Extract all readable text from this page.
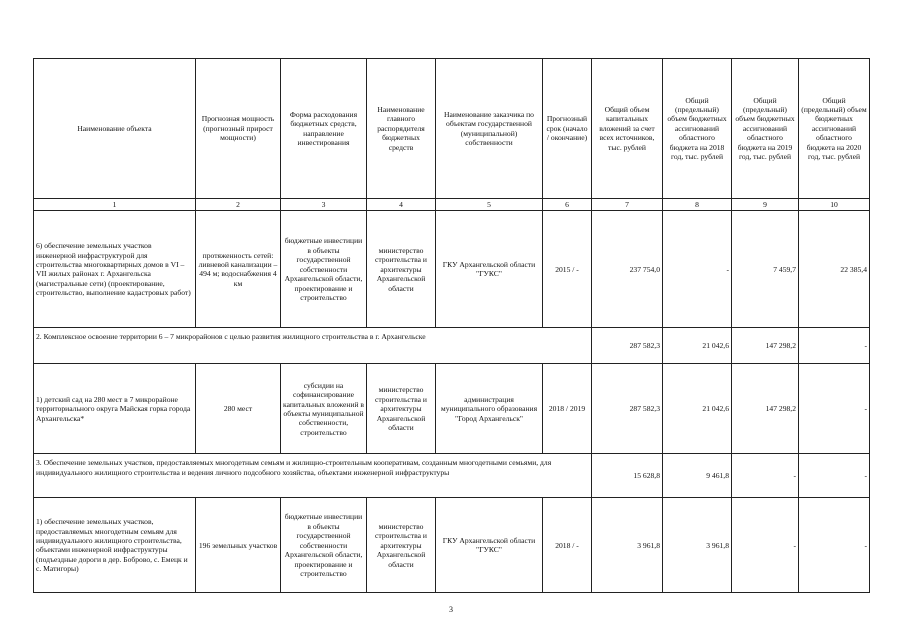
Наименование объекта	Прогнозная мощность (прогнозный прирост мощности)	Форма расходования бюджетных средств, направление инвестирования	Наименование главного распорядителя бюджетных средств	Наименование заказчика по объектам государственной (муниципальной) собственности	Прогнозный срок (начало / окончание)	Общий объем капитальных вложений за счет всех источников, тыс. рублей	Общий (предельный) объем бюджетных ассигнований областного бюджета на 2018 год, тыс. рублей	Общий (предельный) объем бюджетных ассигнований областного бюджета на 2019 год, тыс. рублей	Общий (предельный) объем бюджетных ассигнований областного бюджета на 2020 год, тыс. рублей
1	2	3	4	5	6	7	8	9	10
6) обеспечение земельных участков инженерной инфраструктурой для строительства многоквартирных домов в VI – VII жилых районах г. Архангельска (магистральные сети) (проектирование, строительство, выполнение кадастровых работ)	протяженность сетей: ливневой канализации – 494 м; водоснабжения 4 км	бюджетные инвестиции в объекты государственной собственности Архангельской области, проектирование и строительство	министерство строительства и архитектуры Архангельской области	ГКУ Архангельской области "ГУКС"	2015 / -	237 754,0	-	7 459,7	22 385,4
2. Комплексное освоение территории 6 – 7 микрорайонов с целью развития жилищного строительства в г. Архангельске						287 582,3	21 042,6	147 298,2	-
1) детский сад на 280 мест в 7 микрорайоне территориального округа Майская горка города Архангельска*	280 мест	субсидии на софинансирование капитальных вложений в объекты муниципальной собственности, строительство	министерство строительства и архитектуры Архангельской области	администрация муниципального образования "Город Архангельск"	2018 / 2019	287 582,3	21 042,6	147 298,2	-
3. Обеспечение земельных участков, предоставляемых многодетным семьям и жилищно-строительным кооперативам, созданным многодетными семьями, для индивидуального жилищного строительства и ведения личного подсобного хозяйства, объектами инженерной инфраструктуры						15 628,8	9 461,8	-	-
1) обеспечение земельных участков, предоставляемых многодетным семьям для индивидуального жилищного строительства, объектами инженерной инфраструктуры (подъездные дороги в дер. Боброво, с. Емецк и с. Матигоры)	196 земельных участков	бюджетные инвестиции в объекты государственной собственности Архангельской области, проектирование и строительство	министерство строительства и архитектуры Архангельской области	ГКУ Архангельской области "ГУКС"	2018 / -	3 961,8	3 961,8	-	-
3
